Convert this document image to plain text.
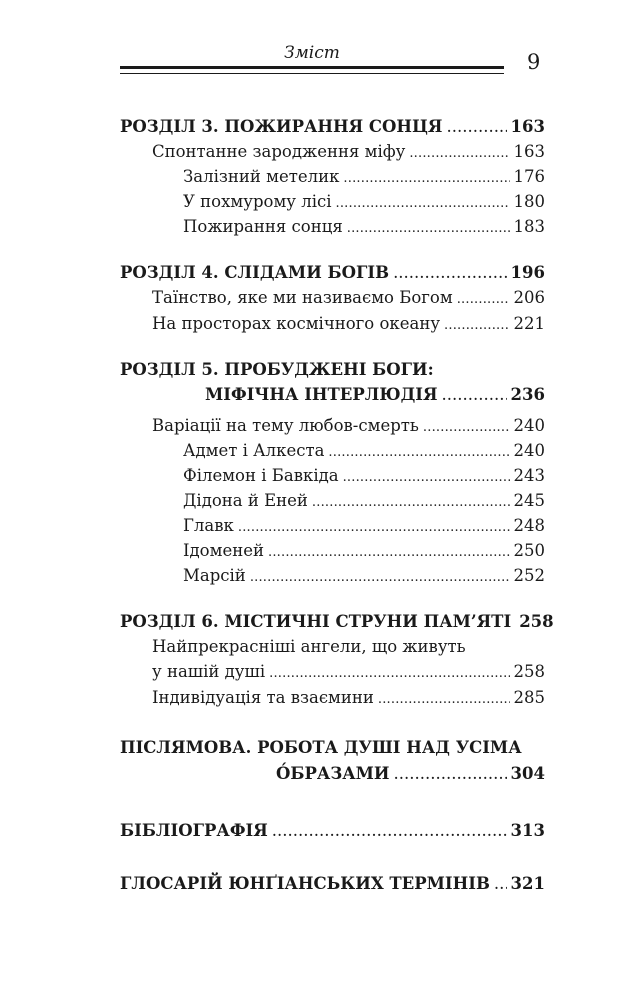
Зміст	9
РОЗДІЛ 3. ПОЖИРАННЯ СОНЦЯ .....	163
Спонтанне зародження міфу .....	163
Залізний метелик .....	176
У похмурому лісі .....	180
Пожирання сонця .....	183
РОЗДІЛ 4. СЛІДАМИ БОГІВ .....	196
Таїнство, яке ми називаємо Богом .....	206
На просторах космічного океану .....	221
РОЗДІЛ 5. ПРОБУДЖЕНІ БОГИ:
МІФІЧНА ІНТЕРЛЮДІЯ .....	236
Варіації на тему любов-смерть .....	240
Адмет і Алкеста .....	240
Філемон і Бавкіда .....	243
Дідона й Еней .....	245
Главк .....	248
Ідоменей .....	250
Марсій .....	252
РОЗДІЛ 6. МІСТИЧНІ СТРУНИ ПАМ’ЯТІ 258
Найпрекрасніші ангели, що живуть
у нашій душі .....	258
Індивідуація та взаємини .....	285
ПІСЛЯМОВА. РОБОТА ДУШІ НАД УСІМА
О́БРАЗАМИ .....	304
БІБЛІОГРАФІЯ .....	313
ГЛОСАРІЙ ЮНҐІАНСЬКИХ ТЕРМІНІВ ..... 321
